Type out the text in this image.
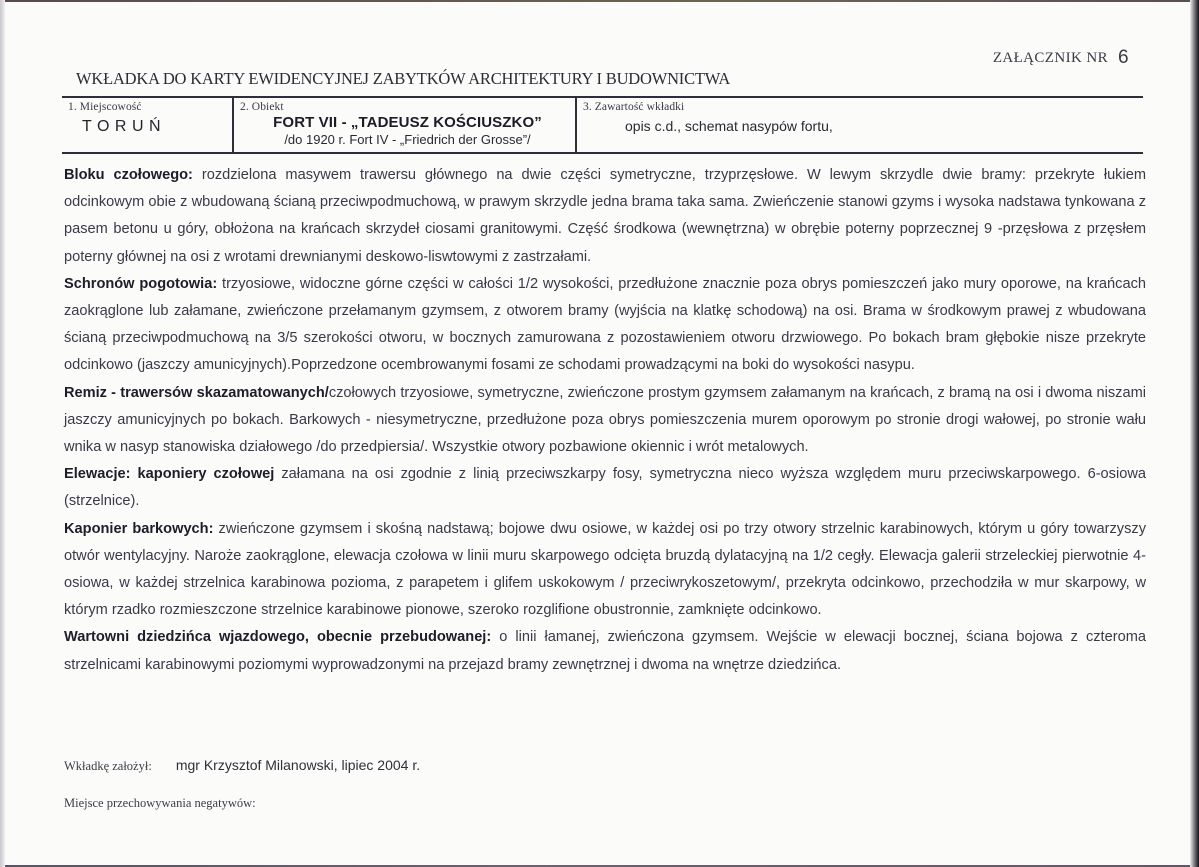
ZAŁĄCZNIK NR 6
WKŁADKA DO KARTY EWIDENCYJNEJ ZABYTKÓW ARCHITEKTURY I BUDOWNICTWA
1. Miejscowość
TORUŃ
2. Obiekt
FORT VII - „TADEUSZ KOŚCIUSZKO”
/do 1920 r. Fort IV - „Friedrich der Grosse”/
3. Zawartość wkładki
opis c.d., schemat nasypów fortu,

Bloku czołowego: rozdzielona masywem trawersu głównego na dwie części symetryczne, trzyprzęsłowe. W lewym skrzydle dwie bramy: przekryte łukiem odcinkowym obie z wbudowaną ścianą przeciwpodmuchową, w prawym skrzydle jedna brama taka sama. Zwieńczenie stanowi gzyms i wysoka nadstawa tynkowana z pasem betonu u góry, obłożona na krańcach skrzydeł ciosami granitowymi. Część środkowa (wewnętrzna) w obrębie poterny poprzecznej 9 -przęsłowa z przęsłem poterny głównej na osi z wrotami drewnianymi deskowo-liswtowymi z zastrzałami.

Schronów pogotowia: trzyosiowe, widoczne górne części w całości 1/2 wysokości, przedłużone znacznie poza obrys pomieszczeń jako mury oporowe, na krańcach zaokrąglone lub załamane, zwieńczone przełamanym gzymsem, z otworem bramy (wyjścia na klatkę schodową) na osi. Brama w środkowym prawej z wbudowana ścianą przeciwpodmuchową na 3/5 szerokości otworu, w bocznych zamurowana z pozostawieniem otworu drzwiowego. Po bokach bram głębokie nisze przekryte odcinkowo (jaszczy amunicyjnych).Poprzedzone ocembrowanymi fosami ze schodami prowadzącymi na boki do wysokości nasypu.

Remiz - trawersów skazamatowanych/czołowych trzyosiowe, symetryczne, zwieńczone prostym gzymsem załamanym na krańcach, z bramą na osi i dwoma niszami jaszczy amunicyjnych po bokach. Barkowych - niesymetryczne, przedłużone poza obrys pomieszczenia murem oporowym po stronie drogi wałowej, po stronie wału wnika w nasyp stanowiska działowego /do przedpiersia/. Wszystkie otwory pozbawione okiennic i wrót metalowych.

Elewacje: kaponiery czołowej załamana na osi zgodnie z linią przeciwszkarpy fosy, symetryczna nieco wyższa względem muru przeciwskarpowego. 6-osiowa (strzelnice).

Kaponier barkowych: zwieńczone gzymsem i skośną nadstawą; bojowe dwu osiowe, w każdej osi po trzy otwory strzelnic karabinowych, którym u góry towarzyszy otwór wentylacyjny. Naroże zaokrąglone, elewacja czołowa w linii muru skarpowego odcięta bruzdą dylatacyjną na 1/2 cegły. Elewacja galerii strzeleckiej pierwotnie 4-osiowa, w każdej strzelnica karabinowa pozioma, z parapetem i glifem uskokowym / przeciwrykoszetowym/, przekryta odcinkowo, przechodziła w mur skarpowy, w którym rzadko rozmieszczone strzelnice karabinowe pionowe, szeroko rozglifione obustronnie, zamknięte odcinkowo.

Wartowni dziedzińca wjazdowego, obecnie przebudowanej: o linii łamanej, zwieńczona gzymsem. Wejście w elewacji bocznej, ściana bojowa z czteroma strzelnicami karabinowymi poziomymi wyprowadzonymi na przejazd bramy zewnętrznej i dwoma na wnętrze dziedzińca.

Wkładkę założył: mgr Krzysztof Milanowski, lipiec 2004 r.
Miejsce przechowywania negatywów:
